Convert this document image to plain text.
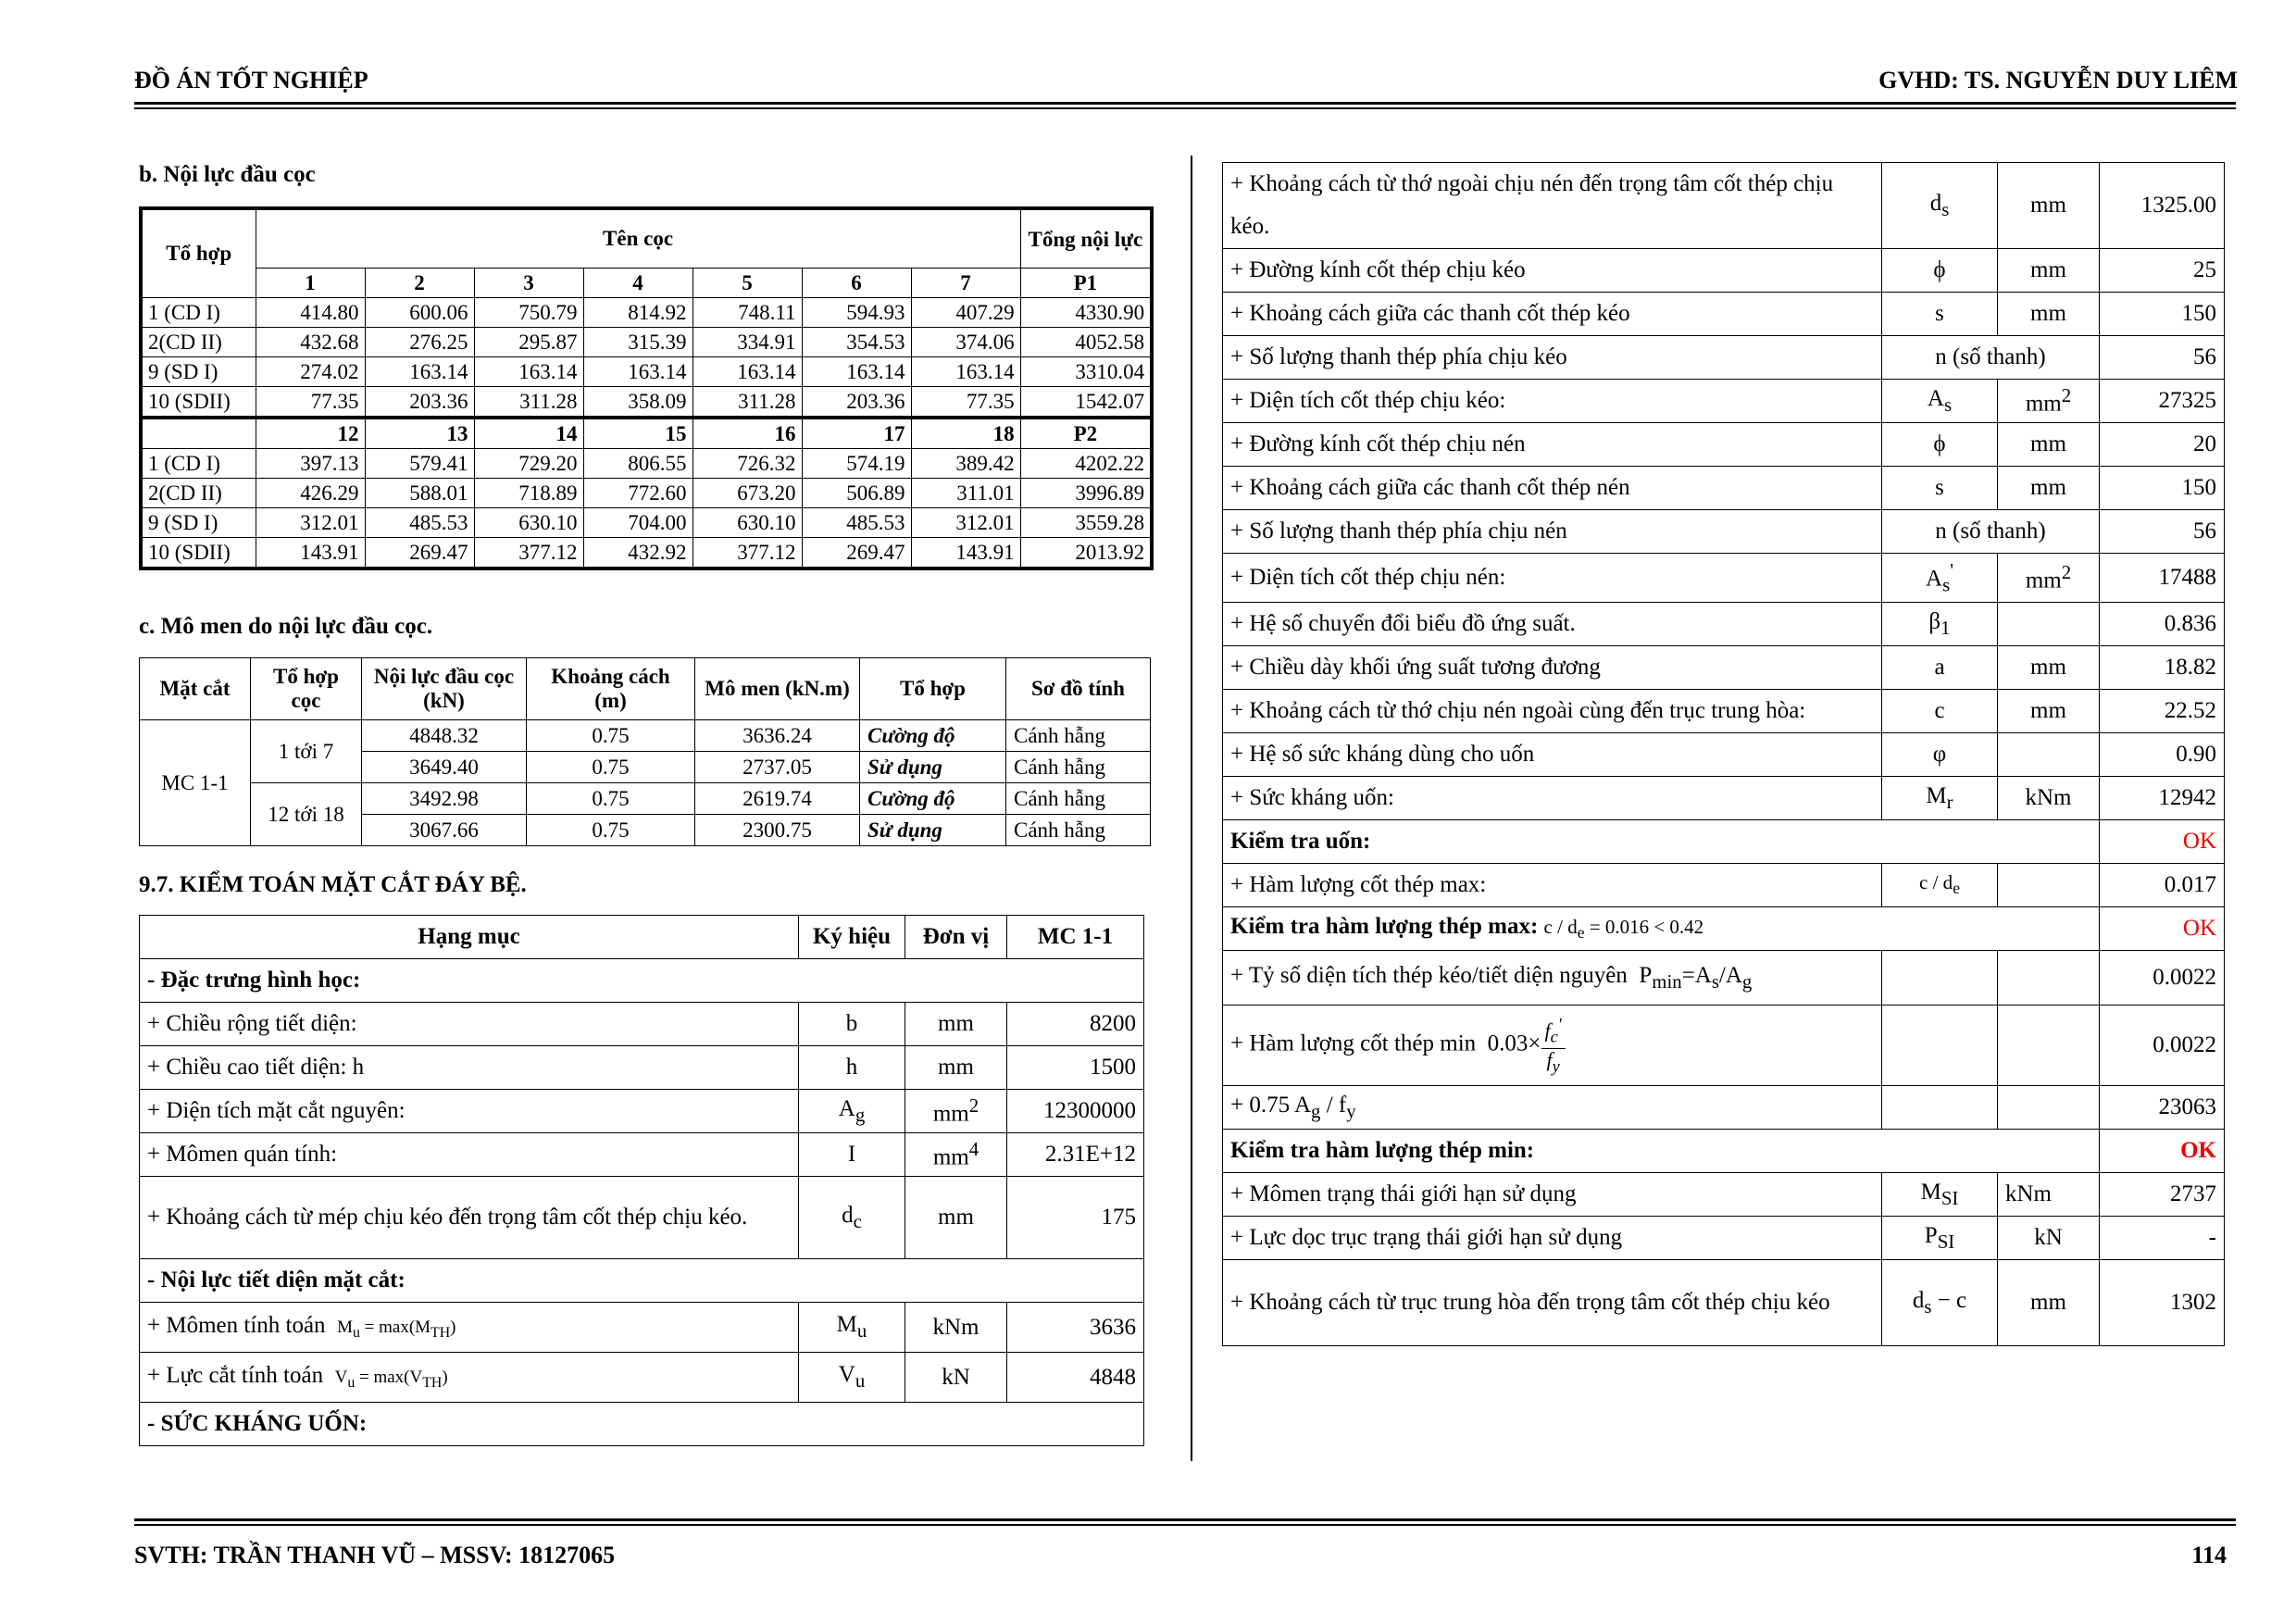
ĐỒ ÁN TỐT NGHIỆP	GVHD: TS. NGUYỄN DUY LIÊM
b. Nội lực đầu cọc
Tổ hợp	Tên cọc							Tổng nội lực
	1	2	3	4	5	6	7	P1
1 (CD I)	414.80	600.06	750.79	814.92	748.11	594.93	407.29	4330.90
2(CD II)	432.68	276.25	295.87	315.39	334.91	354.53	374.06	4052.58
9 (SD I)	274.02	163.14	163.14	163.14	163.14	163.14	163.14	3310.04
10 (SDII)	77.35	203.36	311.28	358.09	311.28	203.36	77.35	1542.07
	12	13	14	15	16	17	18	P2
1 (CD I)	397.13	579.41	729.20	806.55	726.32	574.19	389.42	4202.22
2(CD II)	426.29	588.01	718.89	772.60	673.20	506.89	311.01	3996.89
9 (SD I)	312.01	485.53	630.10	704.00	630.10	485.53	312.01	3559.28
10 (SDII)	143.91	269.47	377.12	432.92	377.12	269.47	143.91	2013.92
c. Mô men do nội lực đầu cọc.
Mặt cắt	Tổ hợp cọc	Nội lực đầu cọc (kN)	Khoảng cách (m)	Mô men (kN.m)	Tổ hợp	Sơ đồ tính
MC 1-1	1 tới 7	4848.32	0.75	3636.24	Cường độ	Cánh hẫng
		3649.40	0.75	2737.05	Sử dụng	Cánh hẫng
	12 tới 18	3492.98	0.75	2619.74	Cường độ	Cánh hẫng
		3067.66	0.75	2300.75	Sử dụng	Cánh hẫng
9.7. KIỂM TOÁN MẶT CẮT ĐÁY BỆ.
Hạng mục	Ký hiệu	Đơn vị	MC 1-1
- Đặc trưng hình học:			
+ Chiều rộng tiết diện:	b	mm	8200
+ Chiều cao tiết diện: h	h	mm	1500
+ Diện tích mặt cắt nguyên:	$A_g$	$mm^2$	12300000
+ Mômen quán tính:	I	$mm^4$	2.31E+12
+ Khoảng cách từ mép chịu kéo đến trọng tâm cốt thép chịu kéo.	$d_c$	mm	175
- Nội lực tiết diện mặt cắt:			
+ Mômen tính toán $M_u = \max(M_{TH})$	$M_u$	kNm	3636
+ Lực cắt tính toán $V_u = \max(V_{TH})$	$V_u$	kN	4848
- SỨC KHÁNG UỐN:			
+ Khoảng cách từ thớ ngoài chịu nén đến trọng tâm cốt thép chịu kéo.	$d_s$	mm	1325.00
+ Đường kính cốt thép chịu kéo	ϕ	mm	25
+ Khoảng cách giữa các thanh cốt thép kéo	s	mm	150
+ Số lượng thanh thép phía chịu kéo	n (số thanh)		56
+ Diện tích cốt thép chịu kéo:	$A_s$	$mm^2$	27325
+ Đường kính cốt thép chịu nén	ϕ	mm	20
+ Khoảng cách giữa các thanh cốt thép nén	s	mm	150
+ Số lượng thanh thép phía chịu nén	n (số thanh)		56
+ Diện tích cốt thép chịu nén:	$A_s'$	$mm^2$	17488
+ Hệ số chuyển đổi biểu đồ ứng suất.	$\beta_1$		0.836
+ Chiều dày khối ứng suất tương đương	a	mm	18.82
+ Khoảng cách từ thớ chịu nén ngoài cùng đến trục trung hòa:	c	mm	22.52
+ Hệ số sức kháng dùng cho uốn	φ		0.90
+ Sức kháng uốn:	$M_r$	kNm	12942
Kiểm tra uốn:			OK
+ Hàm lượng cốt thép max:	c / $d_e$		0.017
Kiểm tra hàm lượng thép max: $c / d_e = 0.016 < 0.42$			OK
+ Tỷ số diện tích thép kéo/tiết diện nguyên $P_{min}=A_s/A_g$			0.0022
+ Hàm lượng cốt thép $\min 0.03\times \frac{f_c'}{f_y}$			0.0022
+ 0.75 $A_g / f_y$			23063
Kiểm tra hàm lượng thép min:			OK
+ Mômen trạng thái giới hạn sử dụng	$M_{SI}$	kNm	2737
+ Lực dọc trục trạng thái giới hạn sử dụng	$P_{SI}$	kN	-
+ Khoảng cách từ trục trung hòa đến trọng tâm cốt thép chịu kéo	$d_s - c$	mm	1302
SVTH: TRẦN THANH VŨ – MSSV: 18127065	114
